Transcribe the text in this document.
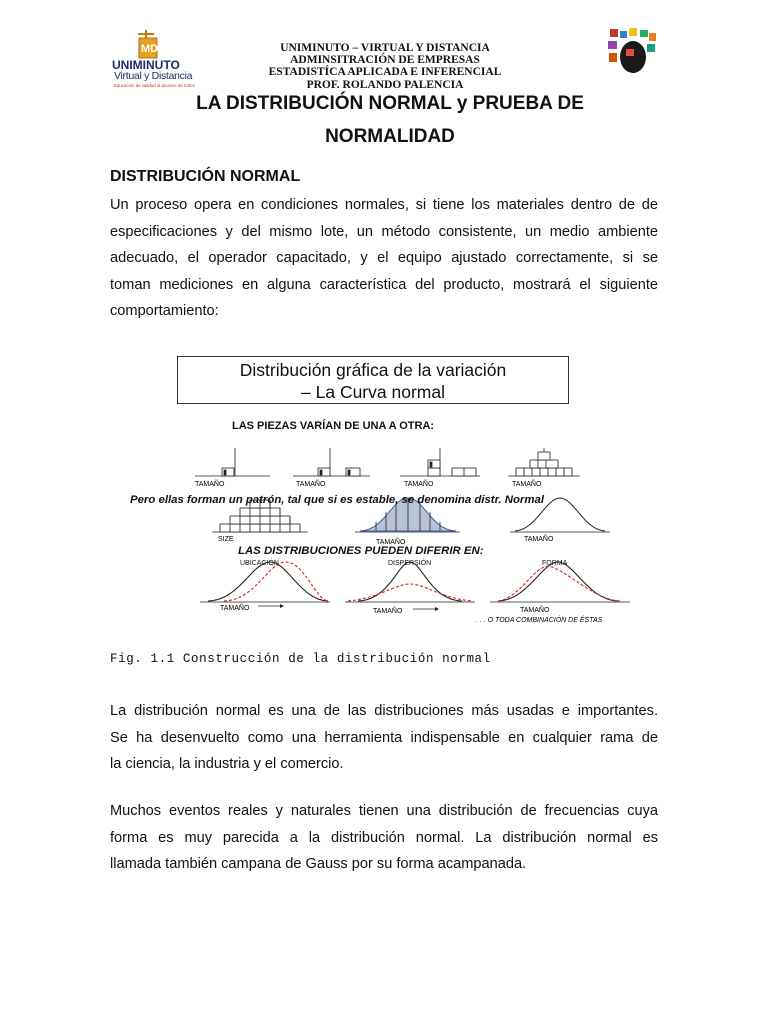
MD
UNIMINUTO
Virtual y Distancia
Educación de calidad al alcance de todos
UNIMINUTO – VIRTUAL Y DISTANCIA
ADMINSITRACIÓN DE EMPRESAS
ESTADISTÍCA APLICADA E INFERENCIAL
PROF. ROLANDO PALENCIA
LA DISTRIBUCIÓN NORMAL y PRUEBA DE
NORMALIDAD
DISTRIBUCIÓN NORMAL
Un proceso opera en condiciones normales, si tiene los materiales dentro de de
especificaciones y del mismo lote, un método consistente, un medio ambiente
adecuado, el operador capacitado, y el equipo ajustado correctamente, si se
toman mediciones en alguna característica del producto, mostrará el siguiente
comportamiento:
Distribución gráfica de la variación
– La Curva normal
TAMAÑO	TAMAÑO	TAMAÑO	TAMAÑO
SIZE	TAMAÑO	TAMAÑO
TAMAÑO	TAMAÑO	TAMAÑO
. . . O TODA COMBINACIÓN DE ÉSTAS
LAS PIEZAS VARÍAN DE UNA A OTRA:
Pero ellas forman un patrón, tal que si es estable, se denomina distr. Normal
LAS DISTRIBUCIONES PUEDEN DIFERIR EN:
UBICACIÓN	DISPERSIÓN	FORMA
Fig. 1.1 Construcción de la distribución normal
La distribución normal es una de las distribuciones más usadas e importantes.
Se ha desenvuelto como una herramienta indispensable en cualquier rama de
la ciencia, la industria y el comercio.
Muchos eventos reales y naturales tienen una distribución de frecuencias cuya
forma es muy parecida a la distribución normal. La distribución normal es
llamada también campana de Gauss por su forma acampanada.
